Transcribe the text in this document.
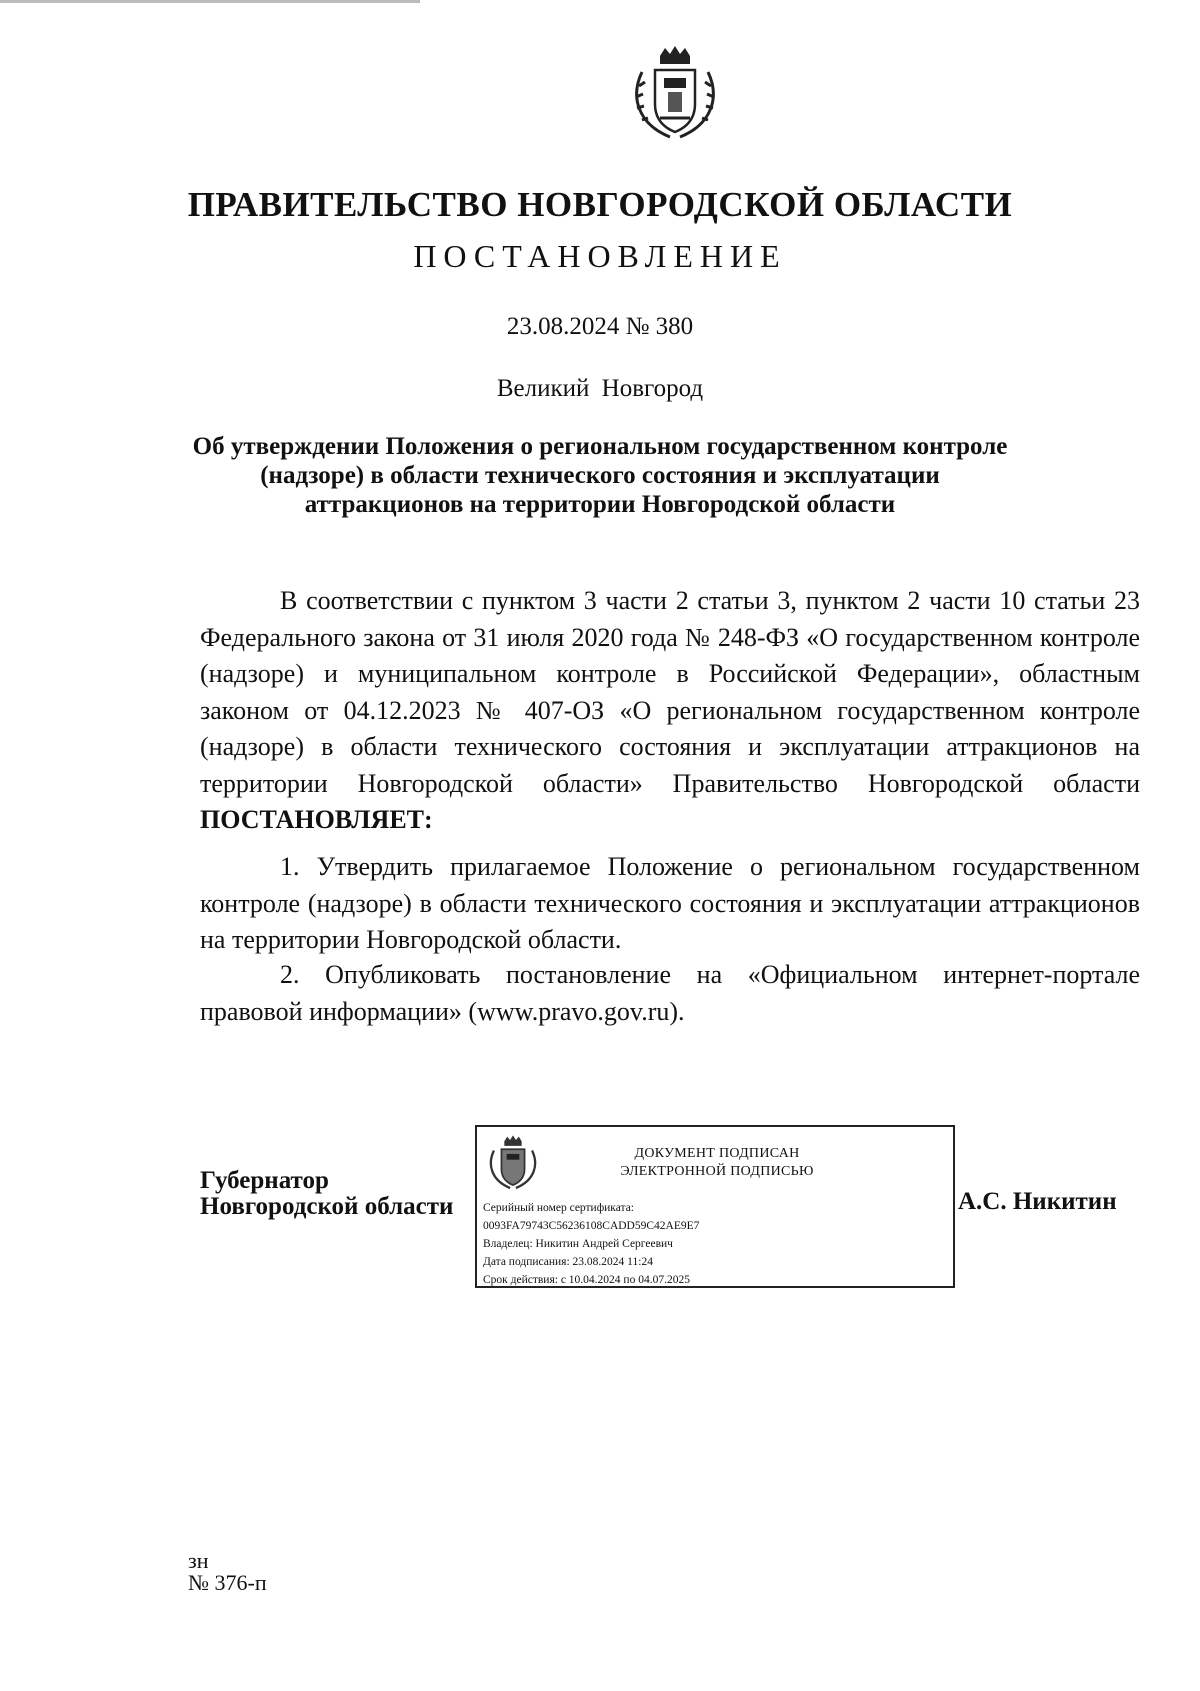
ПРАВИТЕЛЬСТВО НОВГОРОДСКОЙ ОБЛАСТИ
ПОСТАНОВЛЕНИЕ
23.08.2024 № 380
Великий Новгород
Об утверждении Положения о региональном государственном контроле
(надзоре) в области технического состояния и эксплуатации
аттракционов на территории Новгородской области
В соответствии с пунктом 3 части 2 статьи 3, пунктом 2 части 10 статьи 23 Федерального закона от 31 июля 2020 года № 248-ФЗ «О государственном контроле (надзоре) и муниципальном контроле в Российской Федерации», областным законом от 04.12.2023 № 407-ОЗ «О региональном государственном контроле (надзоре) в области технического состояния и эксплуатации аттракционов на территории Новгородской области» Правительство Новгородской области ПОСТАНОВЛЯЕТ:
1. Утвердить прилагаемое Положение о региональном государственном контроле (надзоре) в области технического состояния и эксплуатации аттракционов на территории Новгородской области.
2. Опубликовать постановление на «Официальном интернет-портале правовой информации» (www.pravo.gov.ru).
Губернатор
Новгородской области
ДОКУМЕНТ ПОДПИСАН
ЭЛЕКТРОННОЙ ПОДПИСЬЮ
Серийный номер сертификата:
0093FA79743C56236108CADD59C42AE9E7
Владелец: Никитин Андрей Сергеевич
Дата подписания: 23.08.2024 11:24
Срок действия: с 10.04.2024 по 04.07.2025
А.С. Никитин
зн
№ 376-п
